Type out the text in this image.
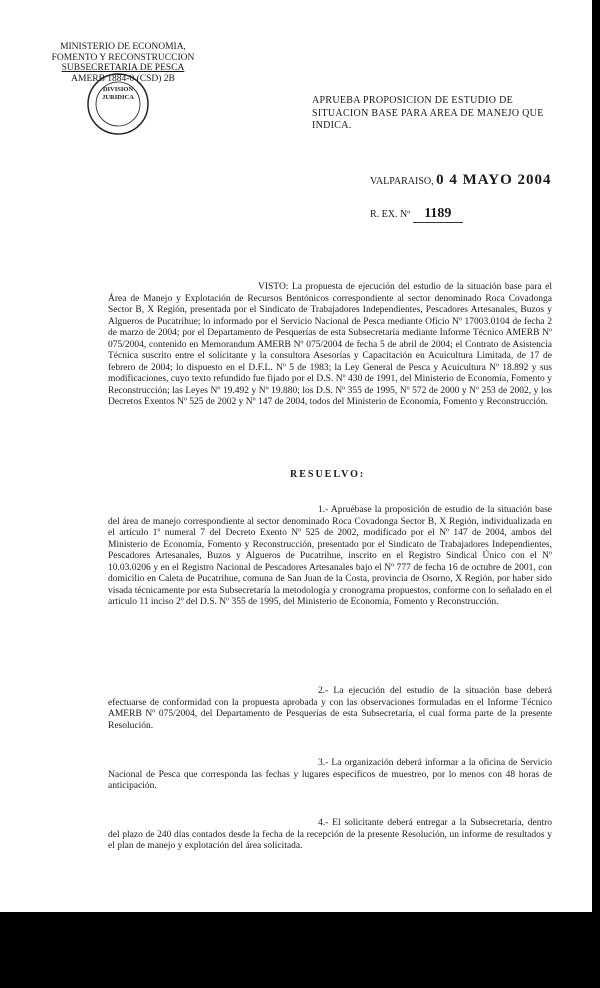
MINISTERIO DE ECONOMIA,
FOMENTO Y RECONSTRUCCION
SUBSECRETARIA DE PESCA
AMERB 1884-0 (CSD) 2B
DIVISION
JURIDICA	APRUEBA PROPOSICION DE ESTUDIO DE SITUACION BASE PARA AREA DE MANEJO QUE INDICA.
VALPARAISO, 0 4 MAYO 2004
R. EX. Nº 1189
VISTO: La propuesta de ejecución del estudio de la situación base para el Área de Manejo y Explotación de Recursos Bentónicos correspondiente al sector denominado Roca Covadonga Sector B, X Región, presentada por el Sindicato de Trabajadores Independientes, Pescadores Artesanales, Buzos y Algueros de Pucatrihue; lo informado por el Servicio Nacional de Pesca mediante Oficio Nº 17003.0104 de fecha 2 de marzo de 2004; por el Departamento de Pesquerías de esta Subsecretaría mediante Informe Técnico AMERB Nº 075/2004, contenido en Memorandum AMERB Nº 075/2004 de fecha 5 de abril de 2004; el Contrato de Asistencia Técnica suscrito entre el solicitante y la consultora Asesorías y Capacitación en Acuicultura Limitada, de 17 de febrero de 2004; lo dispuesto en el D.F.L. Nº 5 de 1983; la Ley General de Pesca y Acuicultura Nº 18.892 y sus modificaciones, cuyo texto refundido fue fijado por el D.S. Nº 430 de 1991, del Ministerio de Economía, Fomento y Reconstrucción; las Leyes Nº 19.492 y Nº 19.880; los D.S. Nº 355 de 1995, Nº 572 de 2000 y Nº 253 de 2002, y los Decretos Exentos Nº 525 de 2002 y Nº 147 de 2004, todos del Ministerio de Economía, Fomento y Reconstrucción.
RESUELVO:
1.- Apruébase la proposición de estudio de la situación base del área de manejo correspondiente al sector denominado Roca Covadonga Sector B, X Región, individualizada en el artículo 1º numeral 7 del Decreto Exento Nº 525 de 2002, modificado por el Nº 147 de 2004, ambos del Ministerio de Economía, Fomento y Reconstrucción, presentado por el Sindicato de Trabajadores Independientes, Pescadores Artesanales, Buzos y Algueros de Pucatrihue, inscrito en el Registro Sindical Único con el Nº 10.03.0206 y en el Registro Nacional de Pescadores Artesanales bajo el Nº 777 de fecha 16 de octubre de 2001, con domicilio en Caleta de Pucatrihue, comuna de San Juan de la Costa, provincia de Osorno, X Región, por haber sido visada técnicamente por esta Subsecretaría la metodología y cronograma propuestos, conforme con lo señalado en el artículo 11 inciso 2º del D.S. Nº 355 de 1995, del Ministerio de Economía, Fomento y Reconstrucción.
2.- La ejecución del estudio de la situación base deberá efectuarse de conformidad con la propuesta aprobada y con las observaciones formuladas en el Informe Técnico AMERB Nº 075/2004, del Departamento de Pesquerías de esta Subsecretaría, el cual forma parte de la presente Resolución.
3.- La organización deberá informar a la oficina de Servicio Nacional de Pesca que corresponda las fechas y lugares específicos de muestreo, por lo menos con 48 horas de anticipación.
4.- El solicitante deberá entregar a la Subsecretaría, dentro del plazo de 240 días contados desde la fecha de la recepción de la presente Resolución, un informe de resultados y el plan de manejo y explotación del área solicitada.
